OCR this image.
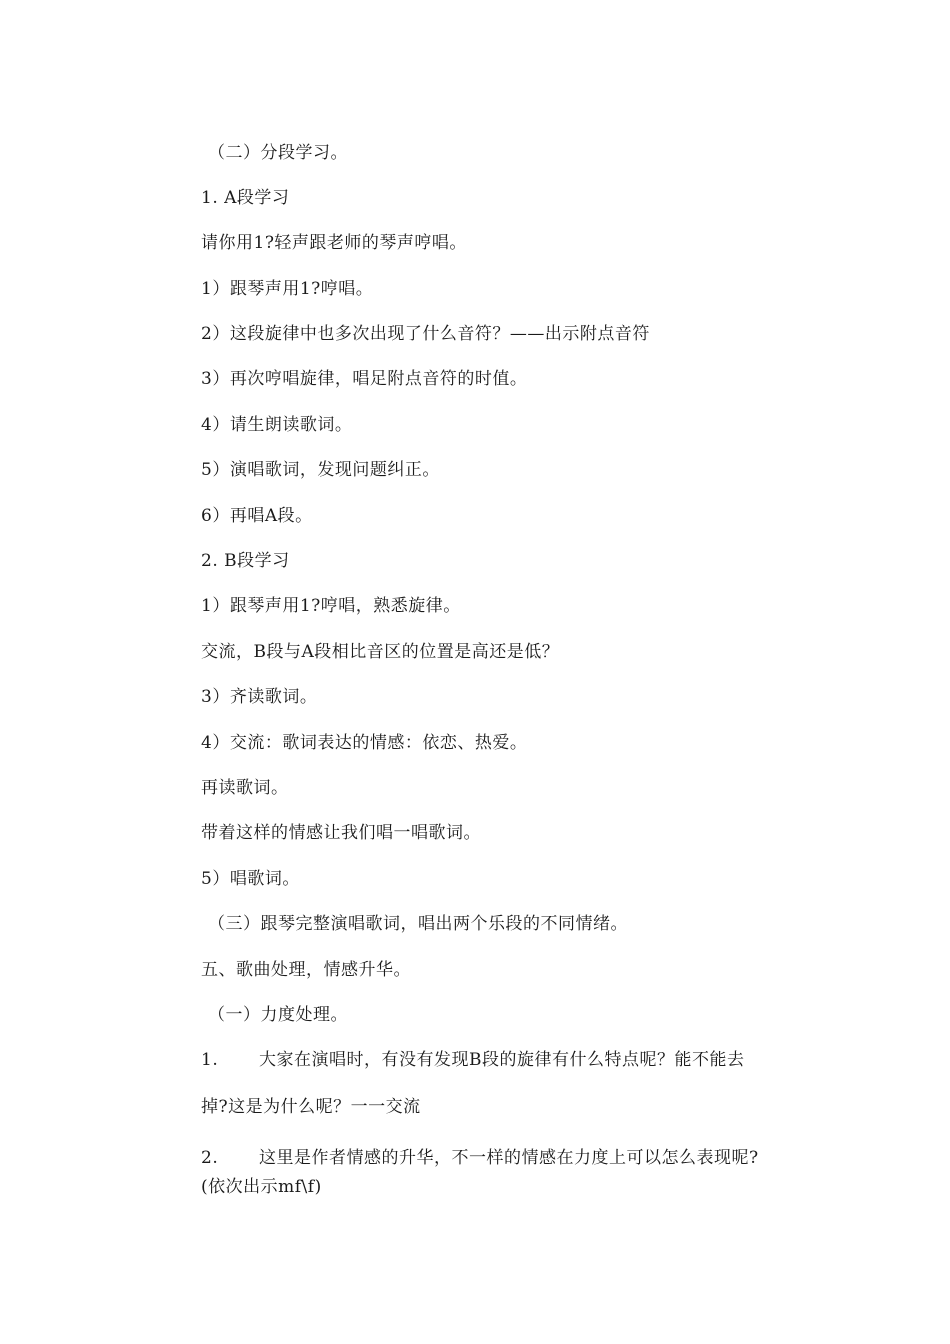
（二）分段学习。
1. A段学习
请你用1?轻声跟老师的琴声哼唱。
1）跟琴声用1?哼唱。
2）这段旋律中也多次出现了什么音符？——出示附点音符
3）再次哼唱旋律，唱足附点音符的时值。
4）请生朗读歌词。
5）演唱歌词，发现问题纠正。
6）再唱A段。
2. B段学习
1）跟琴声用1?哼唱，熟悉旋律。
交流，B段与A段相比音区的位置是高还是低？
3）齐读歌词。
4）交流：歌词表达的情感：依恋、热爱。
再读歌词。
带着这样的情感让我们唱一唱歌词。
5）唱歌词。
（三）跟琴完整演唱歌词，唱出两个乐段的不同情绪。
五、歌曲处理，情感升华。
（一）力度处理。
1. 大家在演唱时，有没有发现B段的旋律有什么特点呢？能不能去
掉?这是为什么呢？一一交流
2. 这里是作者情感的升华，不一样的情感在力度上可以怎么表现呢?
(依次出示mf\f)
